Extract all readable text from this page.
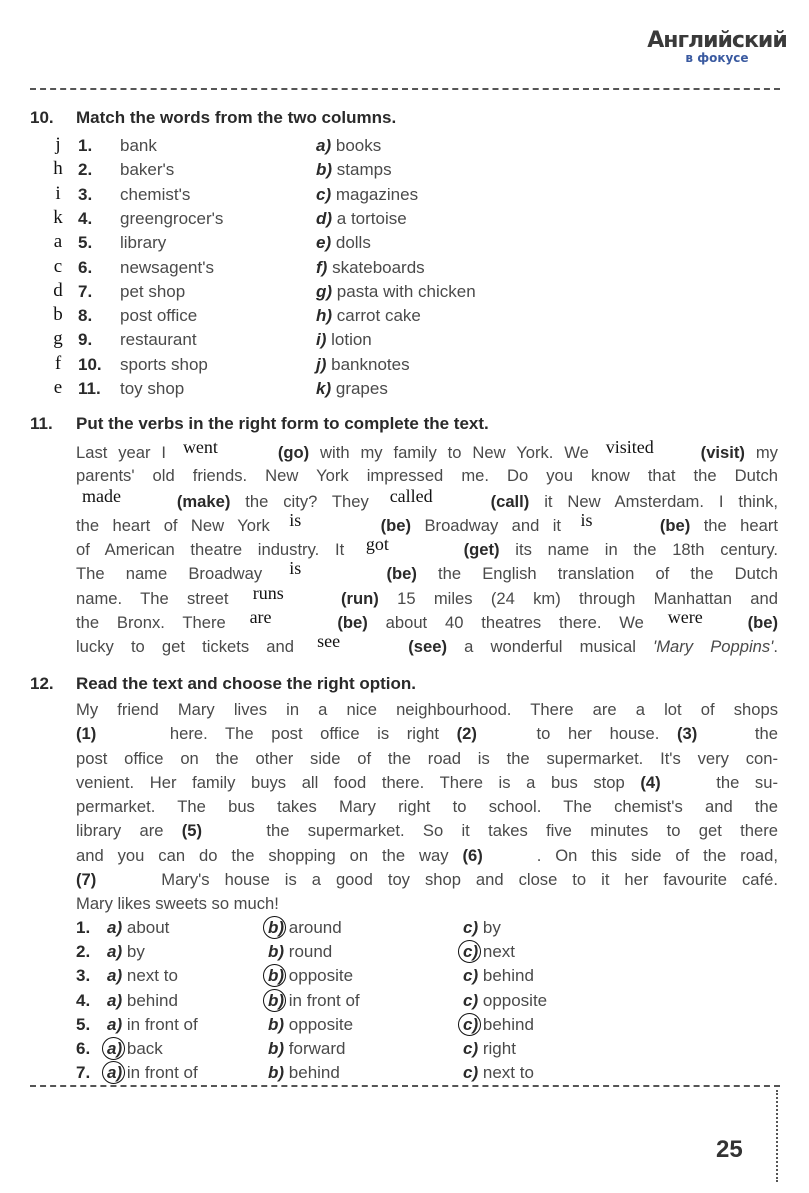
Английский
в фокусе
10. Match the words from the two columns.
j	1. bank	a) books
h 2. baker's	b) stamps
i	3. chemist's	c) magazines
k 4. greengrocer's	d) a tortoise
a 5. library	e) dolls
c 6. newsagent's	f) skateboards
d 7. pet shop	g) pasta with chicken
b 8. post office	h) carrot cake
g 9. restaurant	i) lotion
f 10. sports shop	j) banknotes
e 11. toy shop	k) grapes
11. Put the verbs in the right form to complete the text.
Last year I went	(go) with my family to New York. We visited	(visit) my
parents' old friends. New York impressed me. Do you know that the Dutch
made	(make) the city? They called	(call) it New Amsterdam. I think,
the heart of New York is	(be) Broadway and it is	(be) the heart
of American theatre industry. It got	(get) its name in the 18th century.
The name Broadway is	(be) the English translation of the Dutch
name. The street runs	(run) 15 miles (24 km) through Manhattan and
the Bronx. There are	(be) about 40 theatres there. We were	(be)
lucky to get tickets and see	(see) a wonderful musical 'Mary Poppins'.
12. Read the text and choose the right option.
My friend Mary lives in a nice neighbourhood. There are a lot of shops
(1)	here. The post office is right (2)	to her house. (3)	the
post office on the other side of the road is the supermarket. It's very con-
venient. Her family buys all food there. There is a bus stop (4)	the su-
permarket. The bus takes Mary right to school. The chemist's and the
library are (5)	the supermarket. So it takes five minutes to get there
and you can do the shopping on the way (6)	. On this side of the road,
(7)	Mary's house is a good toy shop and close to it her favourite café.
Mary likes sweets so much!
1. a) about	b) around	c) by
2. a) by	b) round	c) next
3. a) next to	b) opposite	c) behind
4. a) behind	b) in front of	c) opposite
5. a) in front of	b) opposite	c) behind
6. a) back	b) forward	c) right
7. a) in front of	b) behind	c) next to
25
